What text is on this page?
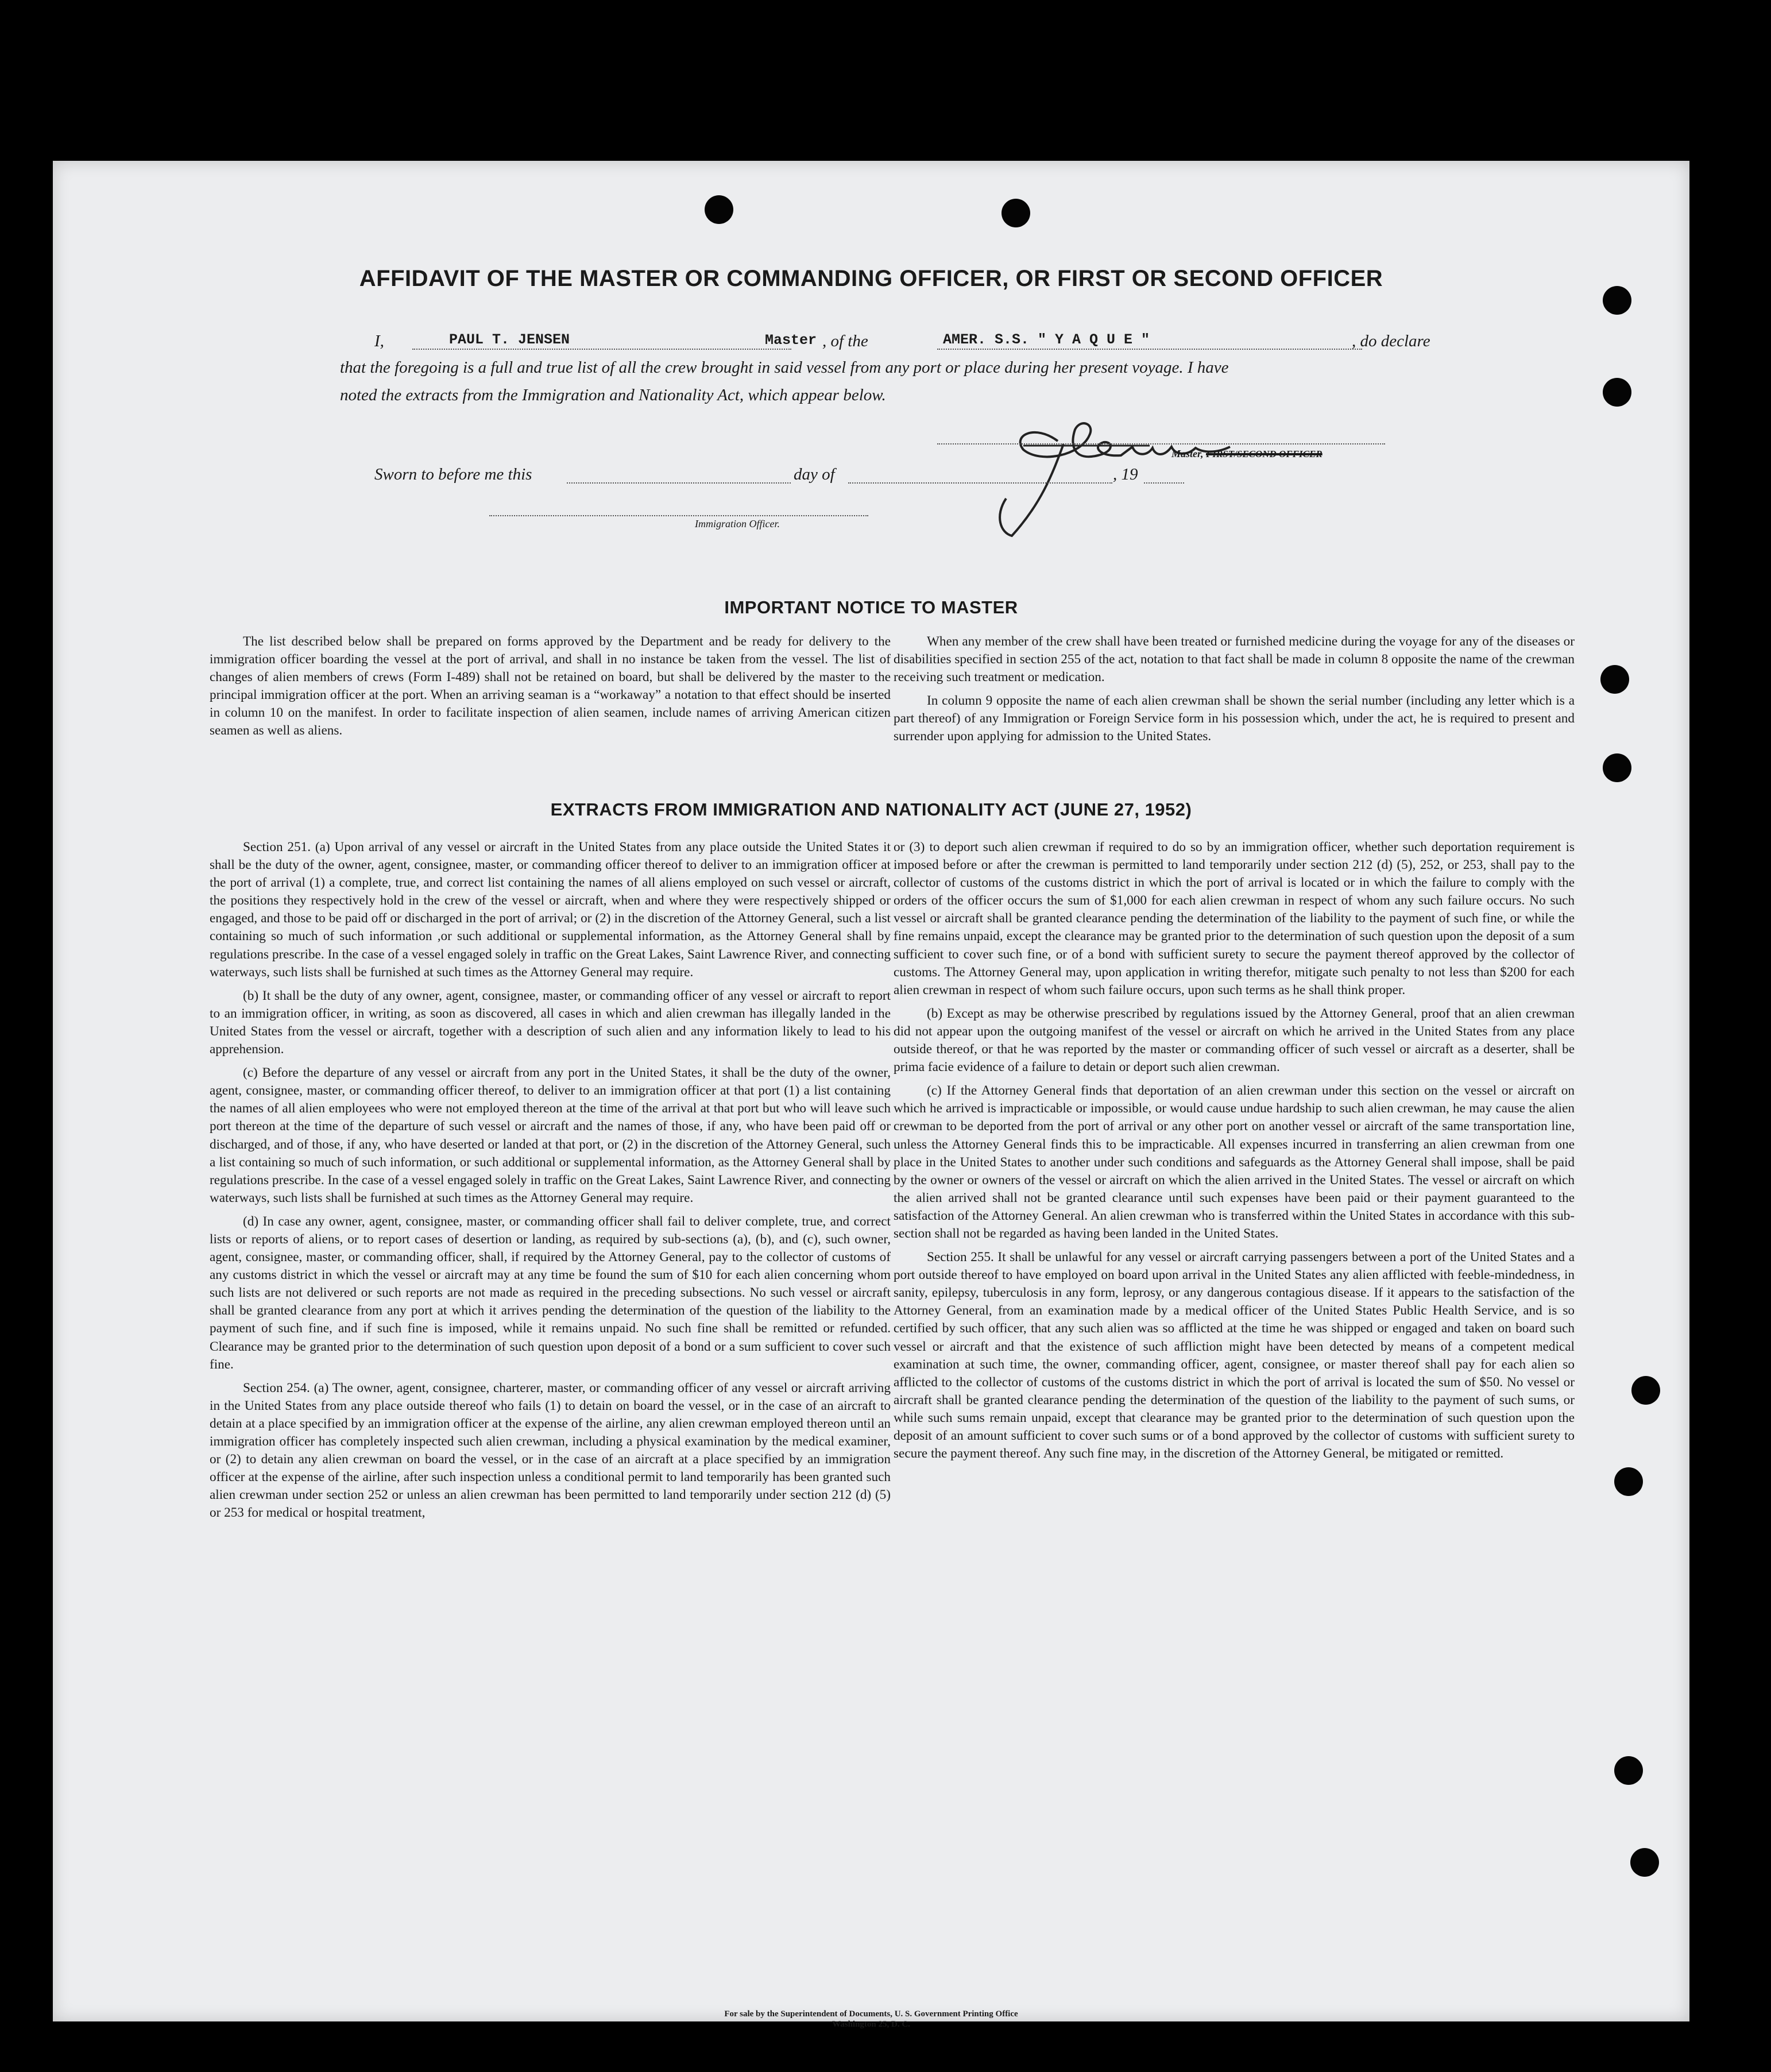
AFFIDAVIT OF THE MASTER OR COMMANDING OFFICER, OR FIRST OR SECOND OFFICER
I,	PAUL T. JENSEN	Master , of the	AMER. S.S. " Y A Q U E "	, do declare
that the foregoing is a full and true list of all the crew brought in said vessel from any port or place during her present voyage. I have
noted the extracts from the Immigration and Nationality Act, which appear below.
Master, FIRST/SECOND OFFICER
Sworn to before me this	day of	, 19
Immigration Officer.
IMPORTANT NOTICE TO MASTER

The list described below shall be prepared on forms approved by the Department and be ready for delivery to the immigration officer boarding the vessel at the port of arrival, and shall in no instance be taken from the vessel. The list of changes of alien members of crews (Form I-489) shall not be retained on board, but shall be delivered by the master to the principal immigration officer at the port. When an arriving seaman is a “workaway” a notation to that effect should be inserted in column 10 on the manifest. In order to facilitate inspection of alien seamen, include names of arriving American citizen seamen as well as aliens.

When any member of the crew shall have been treated or furnished medicine during the voyage for any of the diseases or disabilities specified in section 255 of the act, notation to that fact shall be made in column 8 opposite the name of the crewman receiving such treatment or medication.

In column 9 opposite the name of each alien crewman shall be shown the serial number (including any letter which is a part thereof) of any Immigration or Foreign Service form in his possession which, under the act, he is required to present and surrender upon applying for admission to the United States.

EXTRACTS FROM IMMIGRATION AND NATIONALITY ACT (JUNE 27, 1952)

Section 251. (a) Upon arrival of any vessel or aircraft in the United States from any place outside the United States it shall be the duty of the owner, agent, consignee, master, or commanding officer thereof to deliver to an immigration officer at the port of arrival (1) a complete, true, and correct list containing the names of all aliens employed on such vessel or aircraft, the positions they respectively hold in the crew of the vessel or aircraft, when and where they were respectively shipped or engaged, and those to be paid off or discharged in the port of arrival; or (2) in the discretion of the Attorney General, such a list containing so much of such information ,or such additional or supplemental information, as the Attorney General shall by regulations prescribe. In the case of a vessel engaged solely in traffic on the Great Lakes, Saint Lawrence River, and connecting waterways, such lists shall be furnished at such times as the Attorney General may require.

(b) It shall be the duty of any owner, agent, consignee, master, or commanding officer of any vessel or aircraft to report to an immigration officer, in writing, as soon as discovered, all cases in which and alien crewman has illegally landed in the United States from the vessel or aircraft, together with a description of such alien and any information likely to lead to his apprehension.

(c) Before the departure of any vessel or aircraft from any port in the United States, it shall be the duty of the owner, agent, consignee, master, or commanding officer thereof, to deliver to an immigration officer at that port (1) a list containing the names of all alien employees who were not employed thereon at the time of the arrival at that port but who will leave such port thereon at the time of the departure of such vessel or aircraft and the names of those, if any, who have been paid off or discharged, and of those, if any, who have deserted or landed at that port, or (2) in the discretion of the Attorney General, such a list containing so much of such information, or such additional or supplemental information, as the Attorney General shall by regulations prescribe. In the case of a vessel engaged solely in traffic on the Great Lakes, Saint Lawrence River, and connecting waterways, such lists shall be furnished at such times as the Attorney General may require.

(d) In case any owner, agent, consignee, master, or commanding officer shall fail to deliver complete, true, and correct lists or reports of aliens, or to report cases of desertion or landing, as required by sub-sections (a), (b), and (c), such owner, agent, consignee, master, or commanding officer, shall, if required by the Attorney General, pay to the collector of customs of any customs district in which the vessel or aircraft may at any time be found the sum of $10 for each alien concerning whom such lists are not delivered or such reports are not made as required in the preceding subsections. No such vessel or aircraft shall be granted clearance from any port at which it arrives pending the determination of the question of the liability to the payment of such fine, and if such fine is imposed, while it remains unpaid. No such fine shall be remitted or refunded. Clearance may be granted prior to the determination of such question upon deposit of a bond or a sum sufficient to cover such fine.

Section 254. (a) The owner, agent, consignee, charterer, master, or commanding officer of any vessel or aircraft arriving in the United States from any place outside thereof who fails (1) to detain on board the vessel, or in the case of an aircraft to detain at a place specified by an immigration officer at the expense of the airline, any alien crewman employed thereon until an immigration officer has completely inspected such alien crewman, including a physical examination by the medical examiner, or (2) to detain any alien crewman on board the vessel, or in the case of an aircraft at a place specified by an immigration officer at the expense of the airline, after such inspection unless a conditional permit to land temporarily has been granted such alien crewman under section 252 or unless an alien crewman has been permitted to land temporarily under section 212 (d) (5) or 253 for medical or hospital treatment,

or (3) to deport such alien crewman if required to do so by an immigration officer, whether such deportation requirement is imposed before or after the crewman is permitted to land temporarily under section 212 (d) (5), 252, or 253, shall pay to the collector of customs of the customs district in which the port of arrival is located or in which the failure to comply with the orders of the officer occurs the sum of $1,000 for each alien crewman in respect of whom any such failure occurs. No such vessel or aircraft shall be granted clearance pending the determination of the liability to the payment of such fine, or while the fine remains unpaid, except the clearance may be granted prior to the determination of such question upon the deposit of a sum sufficient to cover such fine, or of a bond with sufficient surety to secure the payment thereof approved by the collector of customs. The Attorney General may, upon application in writing therefor, mitigate such penalty to not less than $200 for each alien crewman in respect of whom such failure occurs, upon such terms as he shall think proper.

(b) Except as may be otherwise prescribed by regulations issued by the Attorney General, proof that an alien crewman did not appear upon the outgoing manifest of the vessel or aircraft on which he arrived in the United States from any place outside thereof, or that he was reported by the master or commanding officer of such vessel or aircraft as a deserter, shall be prima facie evidence of a failure to detain or deport such alien crewman.

(c) If the Attorney General finds that deportation of an alien crewman under this section on the vessel or aircraft on which he arrived is impracticable or impossible, or would cause undue hardship to such alien crewman, he may cause the alien crewman to be deported from the port of arrival or any other port on another vessel or aircraft of the same transportation line, unless the Attorney General finds this to be impracticable. All expenses incurred in transferring an alien crewman from one place in the United States to another under such conditions and safeguards as the Attorney General shall impose, shall be paid by the owner or owners of the vessel or aircraft on which the alien arrived in the United States. The vessel or aircraft on which the alien arrived shall not be granted clearance until such expenses have been paid or their payment guaranteed to the satisfaction of the Attorney General. An alien crewman who is transferred within the United States in accordance with this sub-section shall not be regarded as having been landed in the United States.

Section 255. It shall be unlawful for any vessel or aircraft carrying passengers between a port of the United States and a port outside thereof to have employed on board upon arrival in the United States any alien afflicted with feeble-mindedness, in sanity, epilepsy, tuberculosis in any form, leprosy, or any dangerous contagious disease. If it appears to the satisfaction of the Attorney General, from an examination made by a medical officer of the United States Public Health Service, and is so certified by such officer, that any such alien was so afflicted at the time he was shipped or engaged and taken on board such vessel or aircraft and that the existence of such affliction might have been detected by means of a competent medical examination at such time, the owner, commanding officer, agent, consignee, or master thereof shall pay for each alien so afflicted to the collector of customs of the customs district in which the port of arrival is located the sum of $50. No vessel or aircraft shall be granted clearance pending the determination of the question of the liability to the payment of such sums, or while such sums remain unpaid, except that clearance may be granted prior to the determination of such question upon the deposit of an amount sufficient to cover such sums or of a bond approved by the collector of customs with sufficient surety to secure the payment thereof. Any such fine may, in the discretion of the Attorney General, be mitigated or remitted.

For sale by the Superintendent of Documents, U. S. Government Printing Office
Washington 25, D. C.
